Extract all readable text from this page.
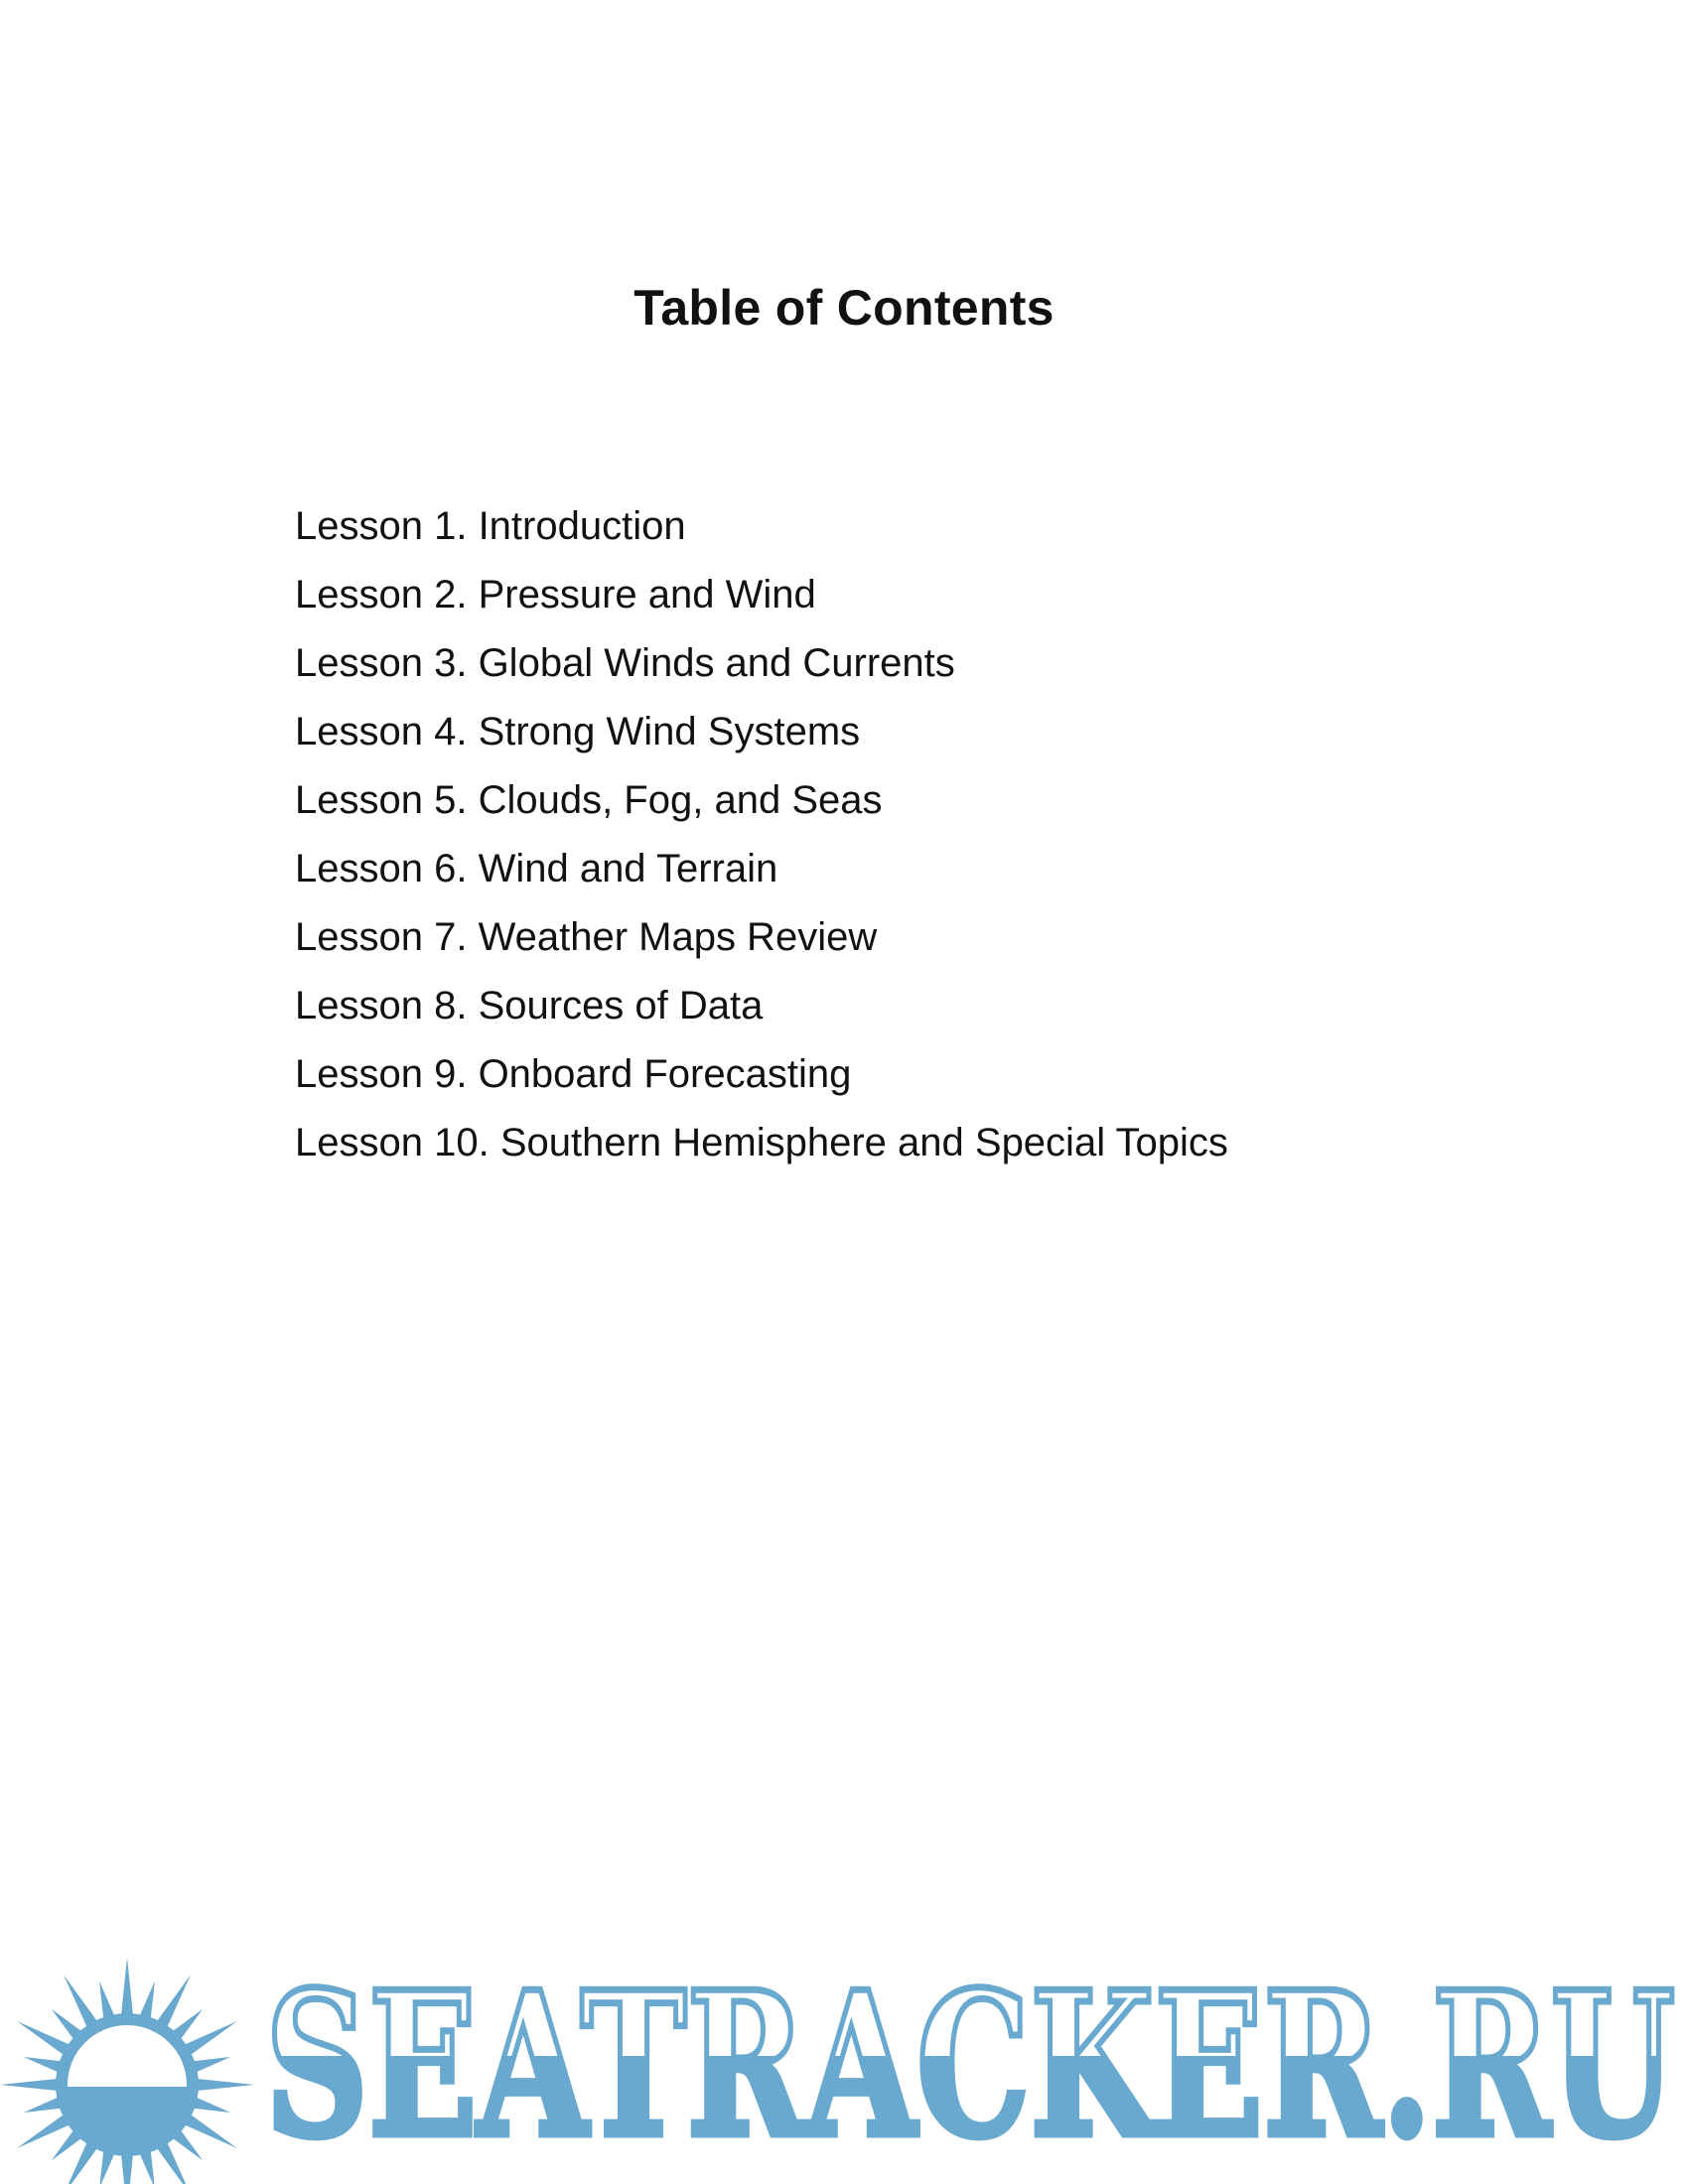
Table of Contents
Lesson 1. Introduction
Lesson 2. Pressure and Wind
Lesson 3. Global Winds and Currents
Lesson 4. Strong Wind Systems
Lesson 5. Clouds, Fog, and Seas
Lesson 6. Wind and Terrain
Lesson 7. Weather Maps Review
Lesson 8. Sources of Data
Lesson 9. Onboard Forecasting
Lesson 10. Southern Hemisphere and Special Topics
SEATRACKER.RU
